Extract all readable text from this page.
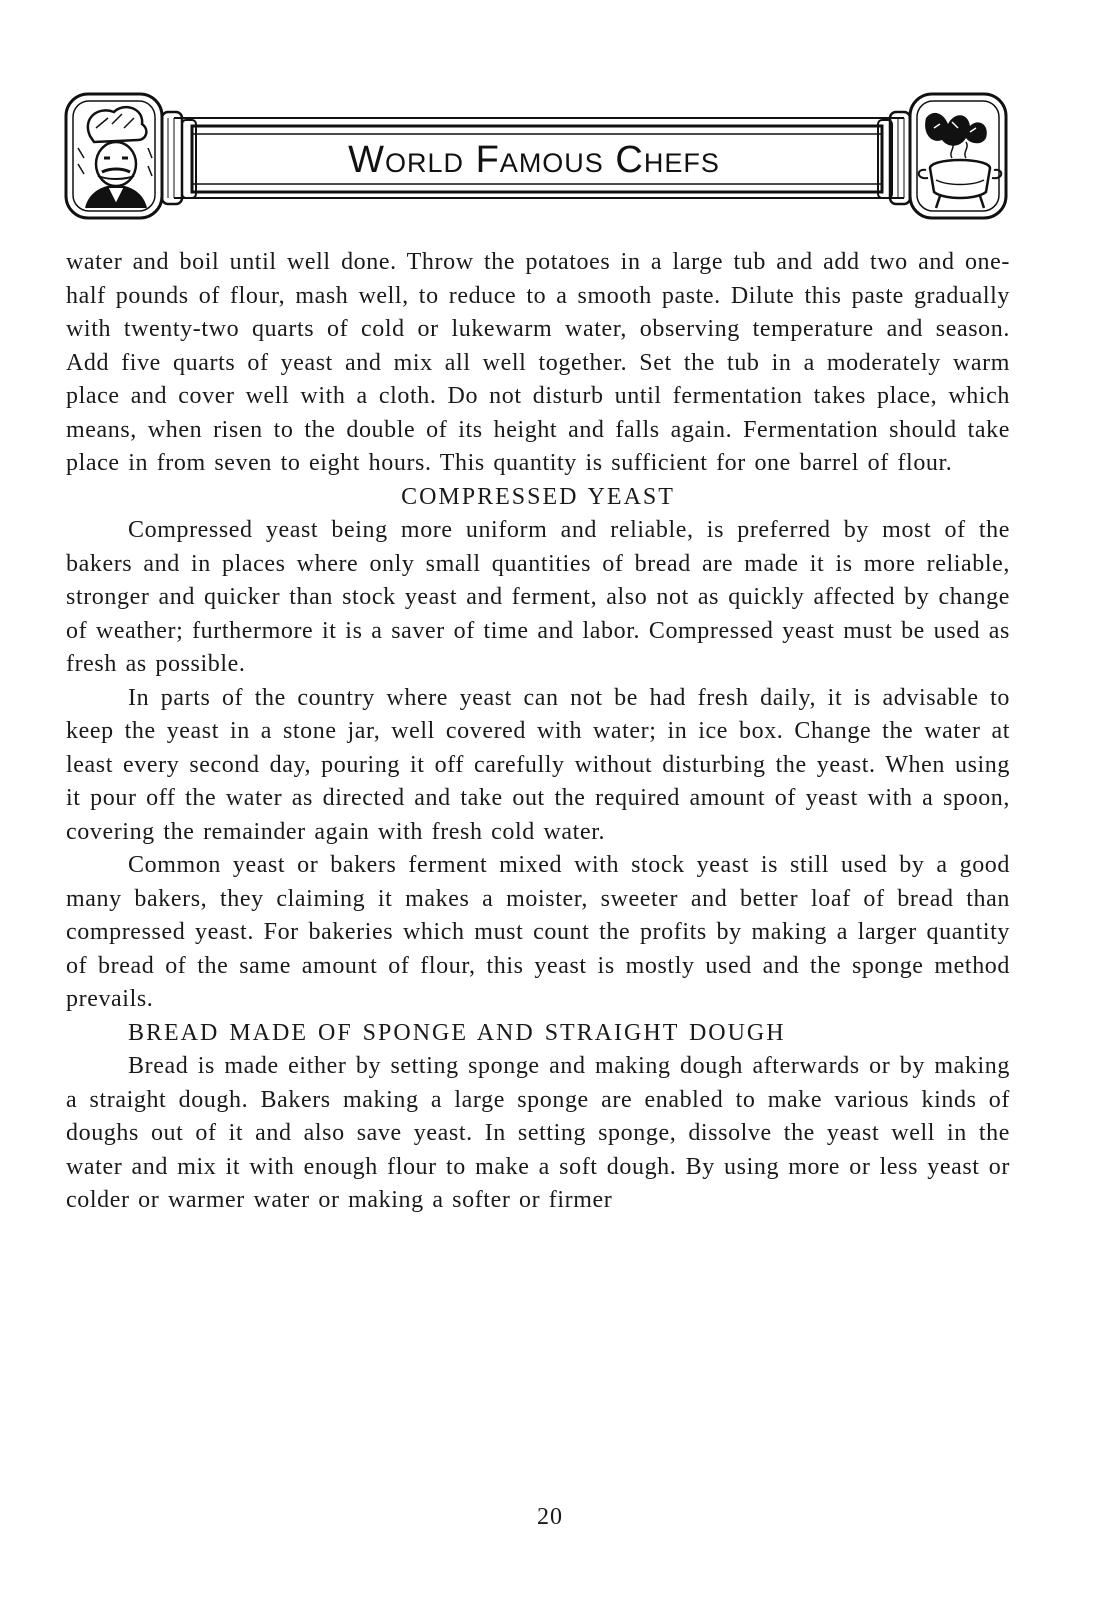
World Famous Chefs

water and boil until well done. Throw the potatoes in a large tub and add two and one-half pounds of flour, mash well, to reduce to a smooth paste. Dilute this paste gradually with twenty-two quarts of cold or lukewarm water, observing temperature and season. Add five quarts of yeast and mix all well together. Set the tub in a moderately warm place and cover well with a cloth. Do not disturb until fermentation takes place, which means, when risen to the double of its height and falls again. Fermentation should take place in from seven to eight hours. This quantity is sufficient for one barrel of flour.

COMPRESSED YEAST

Compressed yeast being more uniform and reliable, is preferred by most of the bakers and in places where only small quantities of bread are made it is more reliable, stronger and quicker than stock yeast and ferment, also not as quickly affected by change of weather; furthermore it is a saver of time and labor. Compressed yeast must be used as fresh as possible.

In parts of the country where yeast can not be had fresh daily, it is advisable to keep the yeast in a stone jar, well covered with water; in ice box. Change the water at least every second day, pouring it off carefully without disturbing the yeast. When using it pour off the water as directed and take out the required amount of yeast with a spoon, covering the remainder again with fresh cold water.

Common yeast or bakers ferment mixed with stock yeast is still used by a good many bakers, they claiming it makes a moister, sweeter and better loaf of bread than compressed yeast. For bakeries which must count the profits by making a larger quantity of bread of the same amount of flour, this yeast is mostly used and the sponge method prevails.

BREAD MADE OF SPONGE AND STRAIGHT DOUGH

Bread is made either by setting sponge and making dough afterwards or by making a straight dough. Bakers making a large sponge are enabled to make various kinds of doughs out of it and also save yeast. In setting sponge, dissolve the yeast well in the water and mix it with enough flour to make a soft dough. By using more or less yeast or colder or warmer water or making a softer or firmer

20
